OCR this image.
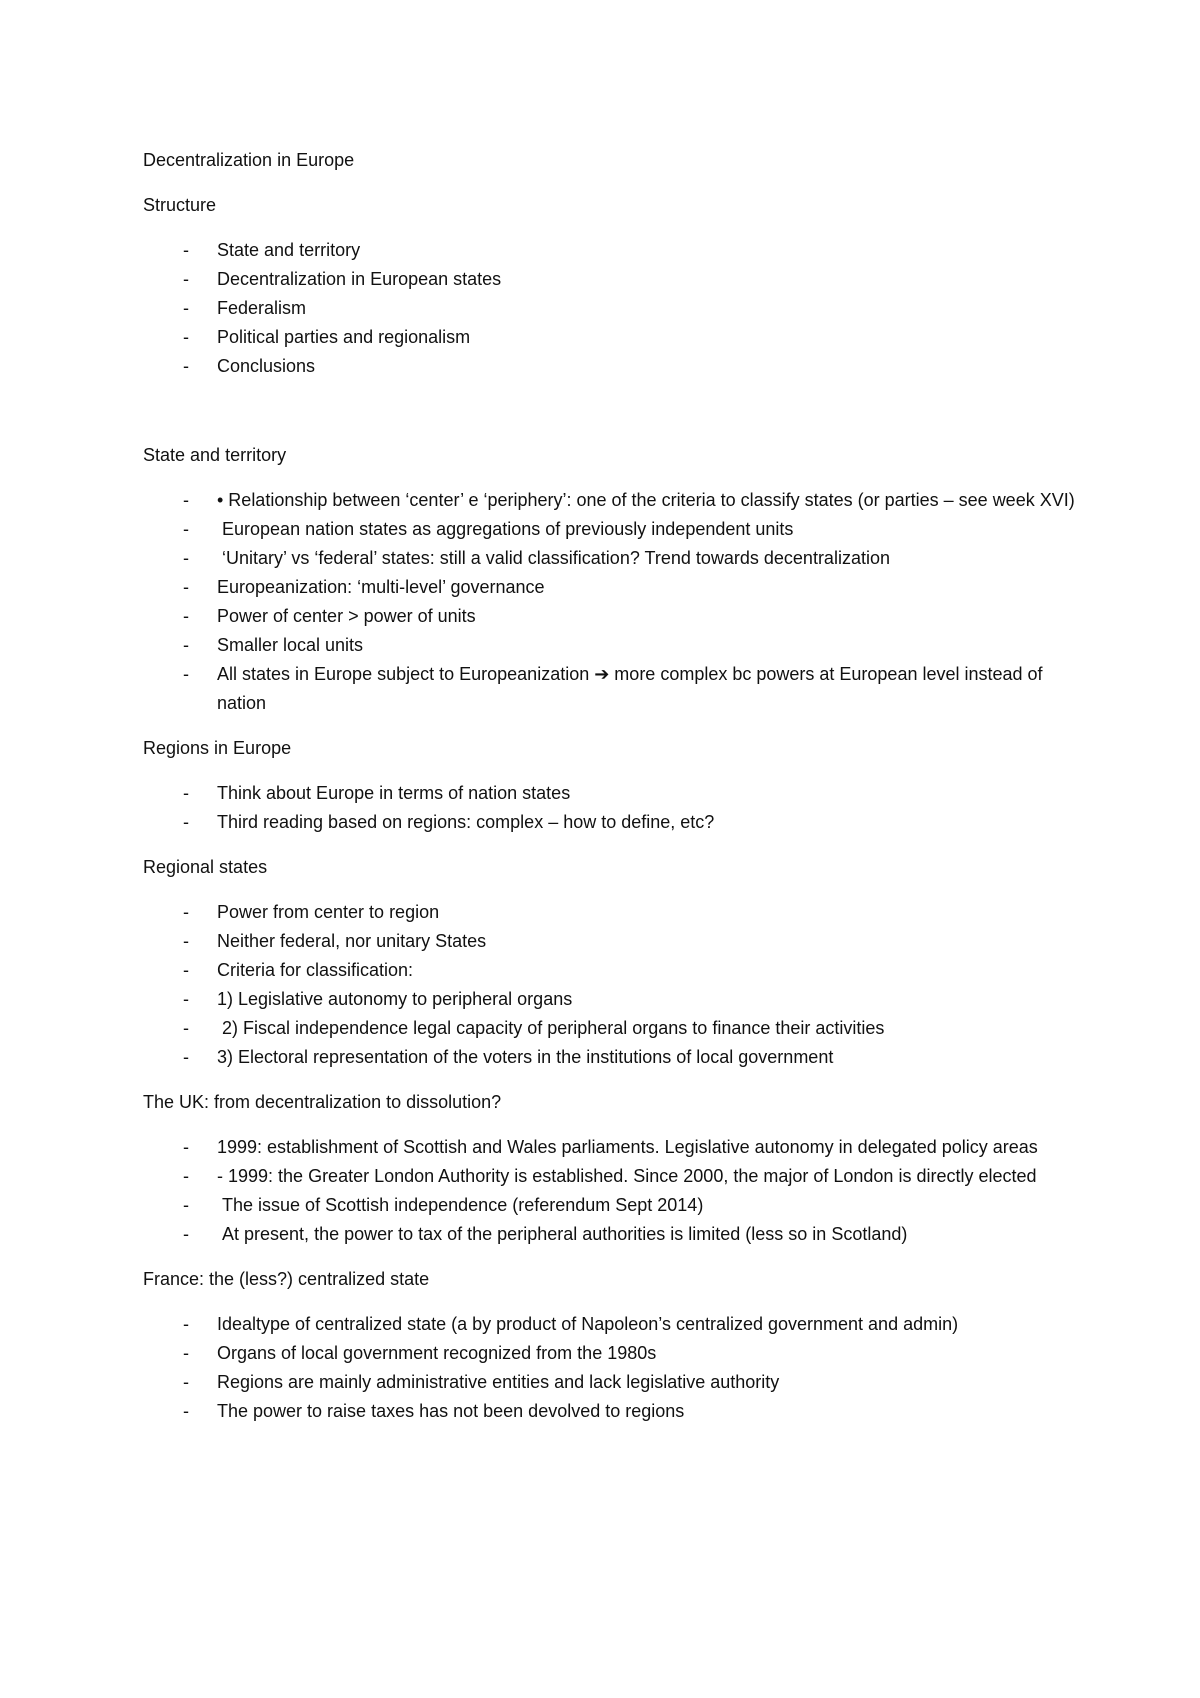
Decentralization in Europe

Structure

- State and territory
- Decentralization in European states
- Federalism
- Political parties and regionalism
- Conclusions

State and territory

- • Relationship between ‘center’ e ‘periphery’: one of the criteria to classify states (or parties – see week XVI)
- European nation states as aggregations of previously independent units
- ‘Unitary’ vs ‘federal’ states: still a valid classification? Trend towards decentralization
- Europeanization: ‘multi-level’ governance
- Power of center > power of units
- Smaller local units
- All states in Europe subject to Europeanization ➔ more complex bc powers at European level instead of nation

Regions in Europe

- Think about Europe in terms of nation states
- Third reading based on regions: complex – how to define, etc?

Regional states

- Power from center to region
- Neither federal, nor unitary States
- Criteria for classification:
- 1) Legislative autonomy to peripheral organs
- 2) Fiscal independence legal capacity of peripheral organs to finance their activities
- 3) Electoral representation of the voters in the institutions of local government

The UK: from decentralization to dissolution?

- 1999: establishment of Scottish and Wales parliaments. Legislative autonomy in delegated policy areas
- - 1999: the Greater London Authority is established. Since 2000, the major of London is directly elected
- The issue of Scottish independence (referendum Sept 2014)
- At present, the power to tax of the peripheral authorities is limited (less so in Scotland)

France: the (less?) centralized state

- Idealtype of centralized state (a by product of Napoleon’s centralized government and admin)
- Organs of local government recognized from the 1980s
- Regions are mainly administrative entities and lack legislative authority
- The power to raise taxes has not been devolved to regions
